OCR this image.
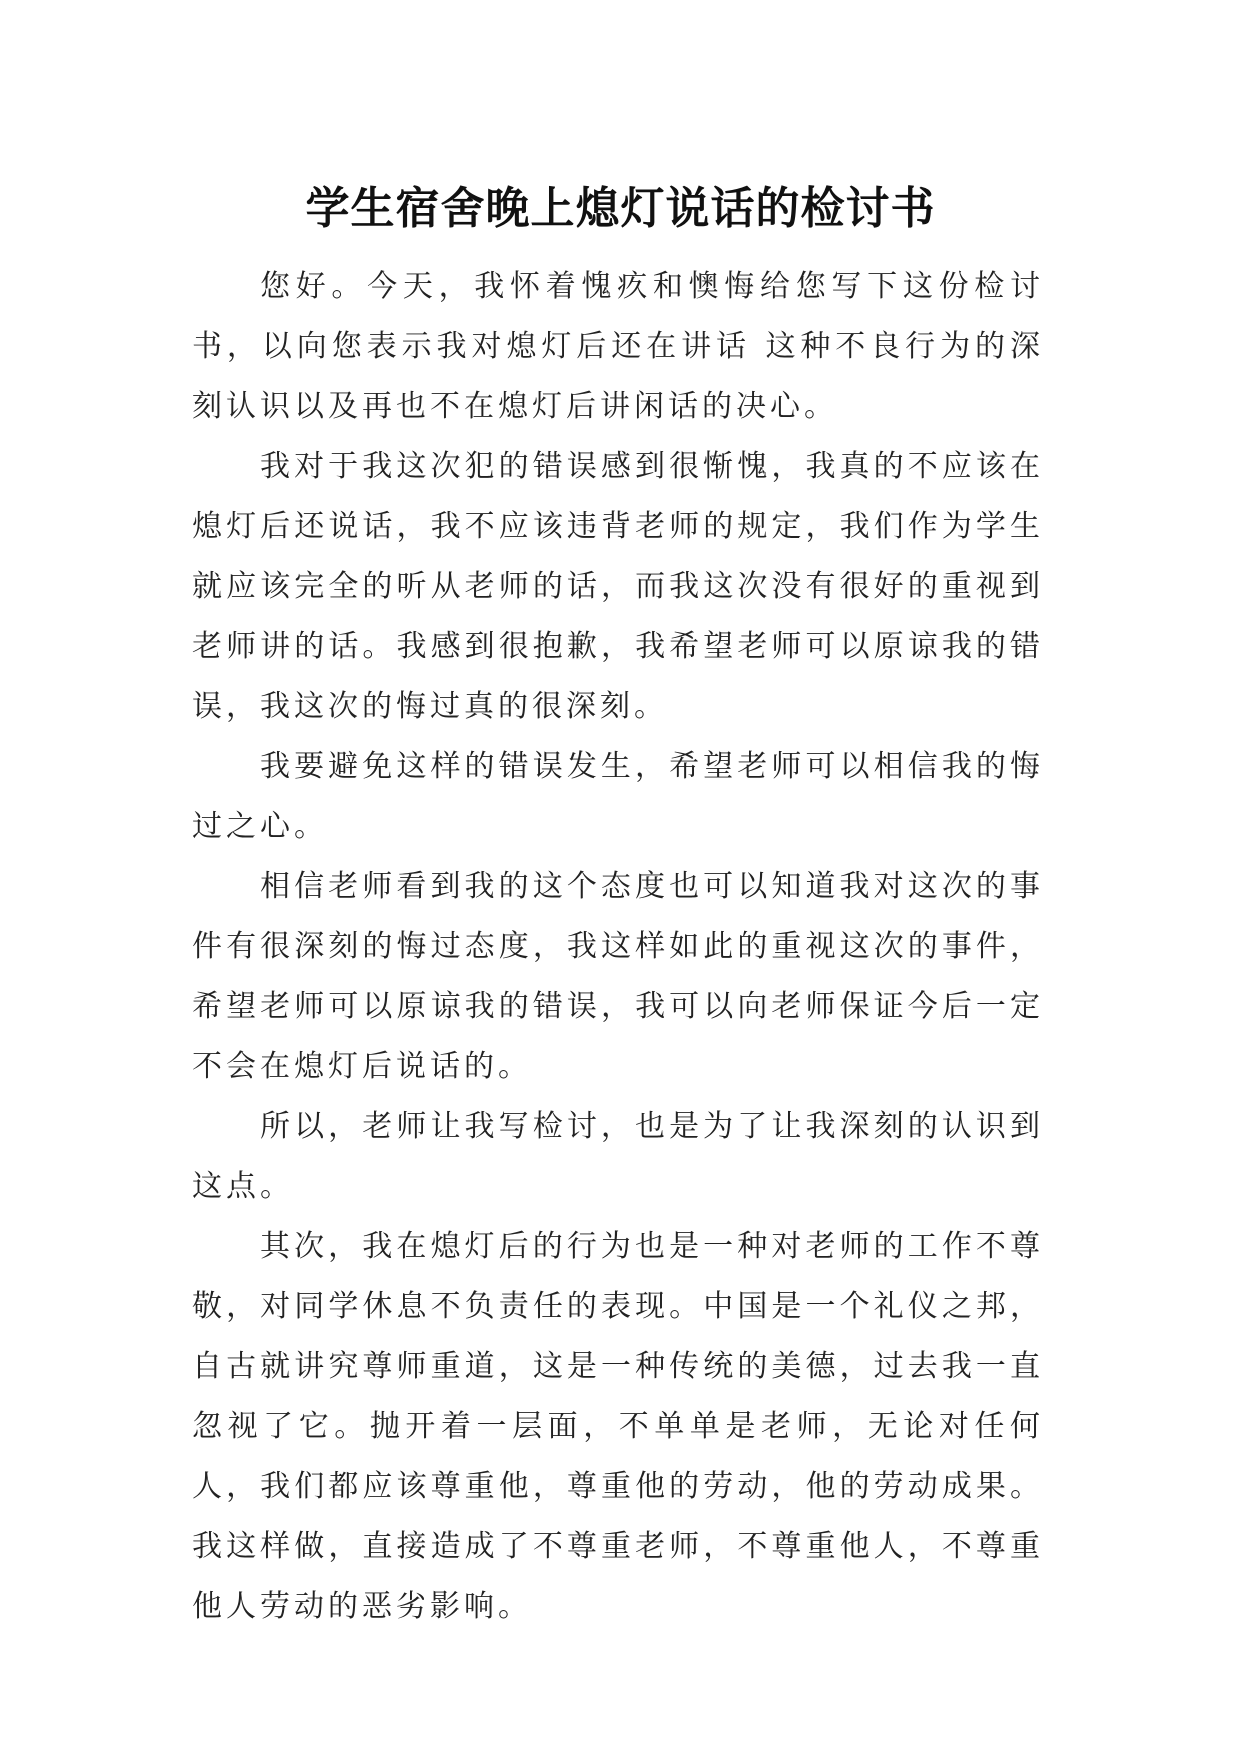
学生宿舍晚上熄灯说话的检讨书

您好。今天，我怀着愧疚和懊悔给您写下这份检讨书，以向您表示我对熄灯后还在讲话 这种不良行为的深刻认识以及再也不在熄灯后讲闲话的决心。

我对于我这次犯的错误感到很惭愧，我真的不应该在熄灯后还说话，我不应该违背老师的规定，我们作为学生就应该完全的听从老师的话，而我这次没有很好的重视到老师讲的话。我感到很抱歉，我希望老师可以原谅我的错误，我这次的悔过真的很深刻。

我要避免这样的错误发生，希望老师可以相信我的悔过之心。

相信老师看到我的这个态度也可以知道我对这次的事件有很深刻的悔过态度，我这样如此的重视这次的事件，希望老师可以原谅我的错误，我可以向老师保证今后一定不会在熄灯后说话的。

所以，老师让我写检讨，也是为了让我深刻的认识到这点。

其次，我在熄灯后的行为也是一种对老师的工作不尊敬，对同学休息不负责任的表现。中国是一个礼仪之邦，自古就讲究尊师重道，这是一种传统的美德，过去我一直忽视了它。抛开着一层面，不单单是老师，无论对任何人，我们都应该尊重他，尊重他的劳动，他的劳动成果。我这样做，直接造成了不尊重老师，不尊重他人，不尊重他人劳动的恶劣影响。
